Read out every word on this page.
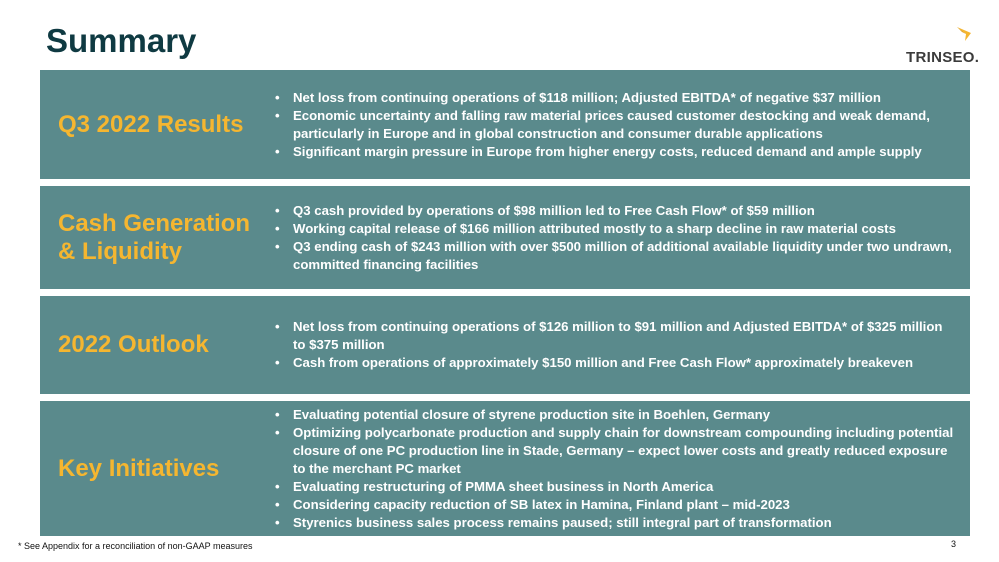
Summary	TRINSEO.
Q3 2022 Results
• Net loss from continuing operations of $118 million; Adjusted EBITDA* of negative $37 million
• Economic uncertainty and falling raw material prices caused customer destocking and weak demand, particularly in Europe and in global construction and consumer durable applications
• Significant margin pressure in Europe from higher energy costs, reduced demand and ample supply
Cash Generation & Liquidity
• Q3 cash provided by operations of $98 million led to Free Cash Flow* of $59 million
• Working capital release of $166 million attributed mostly to a sharp decline in raw material costs
• Q3 ending cash of $243 million with over $500 million of additional available liquidity under two undrawn, committed financing facilities
2022 Outlook
• Net loss from continuing operations of $126 million to $91 million and Adjusted EBITDA* of $325 million to $375 million
• Cash from operations of approximately $150 million and Free Cash Flow* approximately breakeven
Key Initiatives
• Evaluating potential closure of styrene production site in Boehlen, Germany
• Optimizing polycarbonate production and supply chain for downstream compounding including potential closure of one PC production line in Stade, Germany – expect lower costs and greatly reduced exposure to the merchant PC market
• Evaluating restructuring of PMMA sheet business in North America
• Considering capacity reduction of SB latex in Hamina, Finland plant – mid-2023
• Styrenics business sales process remains paused; still integral part of transformation
* See Appendix for a reconciliation of non-GAAP measures	3
